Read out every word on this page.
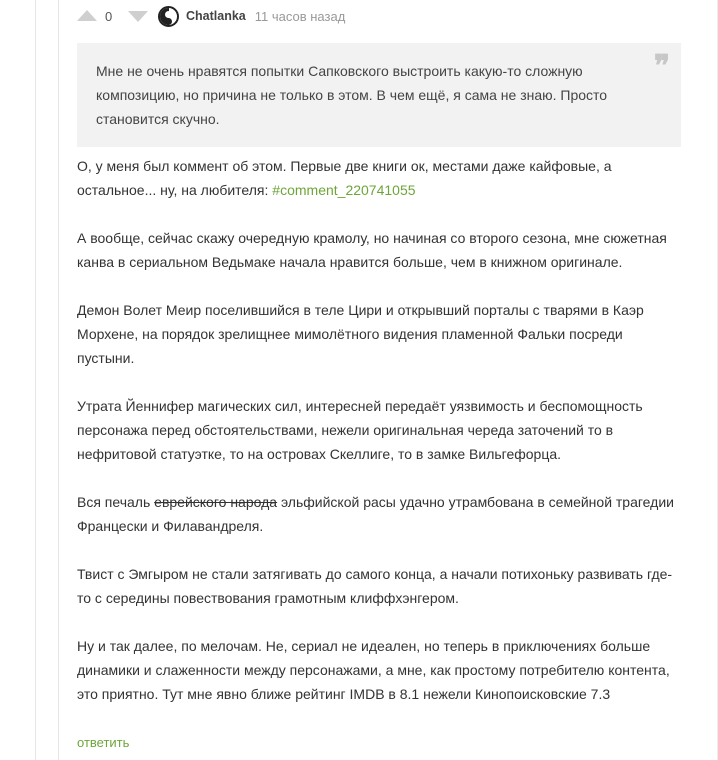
0	Chatlanka 11 часов назад
Мне не очень нравятся попытки Сапковского выстроить какую-то сложную композицию, но причина не только в этом. В чем ещё, я сама не знаю. Просто становится скучно.
❞

О, у меня был коммент об этом. Первые две книги ок, местами даже кайфовые, а остальное... ну, на любителя: #comment_220741055

А вообще, сейчас скажу очередную крамолу, но начиная со второго сезона, мне сюжетная канва в сериальном Ведьмаке начала нравится больше, чем в книжном оригинале.

Демон Волет Меир поселившийся в теле Цири и открывший порталы с тварями в Каэр Морхене, на порядок зрелищнее мимолётного видения пламенной Фальки посреди пустыни.

Утрата Йеннифер магических сил, интересней передаёт уязвимость и беспомощность персонажа перед обстоятельствами, нежели оригинальная череда заточений то в нефритовой статуэтке, то на островах Скеллиге, то в замке Вильгефорца.

Вся печаль еврейского народа эльфийской расы удачно утрамбована в семейной трагедии Францески и Филавандреля.

Твист с Эмгыром не стали затягивать до самого конца, а начали потихоньку развивать где-то с середины повествования грамотным клиффхэнгером.

Ну и так далее, по мелочам. Не, сериал не идеален, но теперь в приключениях больше динамики и слаженности между персонажами, а мне, как простому потребителю контента, это приятно. Тут мне явно ближе рейтинг IMDB в 8.1 нежели Кинопоисковские 7.3

ответить
